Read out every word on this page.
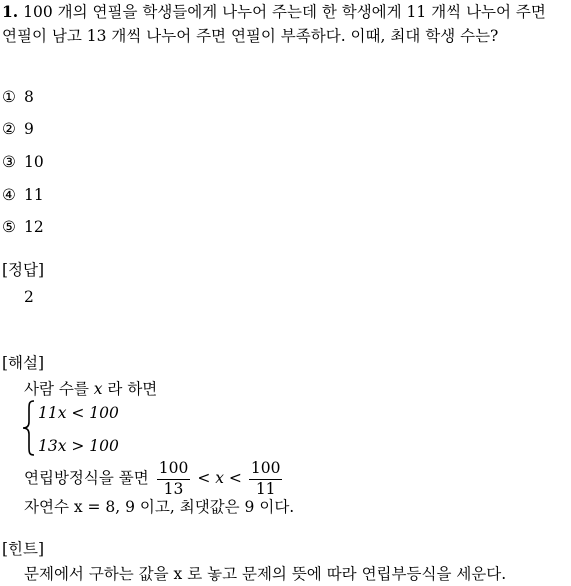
1. 100 개의 연필을 학생들에게 나누어 주는데 한 학생에게 11 개씩 나누어 주면
연필이 남고 13 개씩 나누어 주면 연필이 부족하다. 이때, 최대 학생 수는?
① 8
② 9
③ 10
④ 11
⑤ 12
[정답]
2
[해설]
사람 수를 x 라 하면
11x < 100
13x > 100
연립방정식을 풀면 $\frac{100}{13} < x < \frac{100}{11}$
자연수 x = 8, 9 이고, 최댓값은 9 이다.
[힌트]
문제에서 구하는 값을 x 로 놓고 문제의 뜻에 따라 연립부등식을 세운다.
